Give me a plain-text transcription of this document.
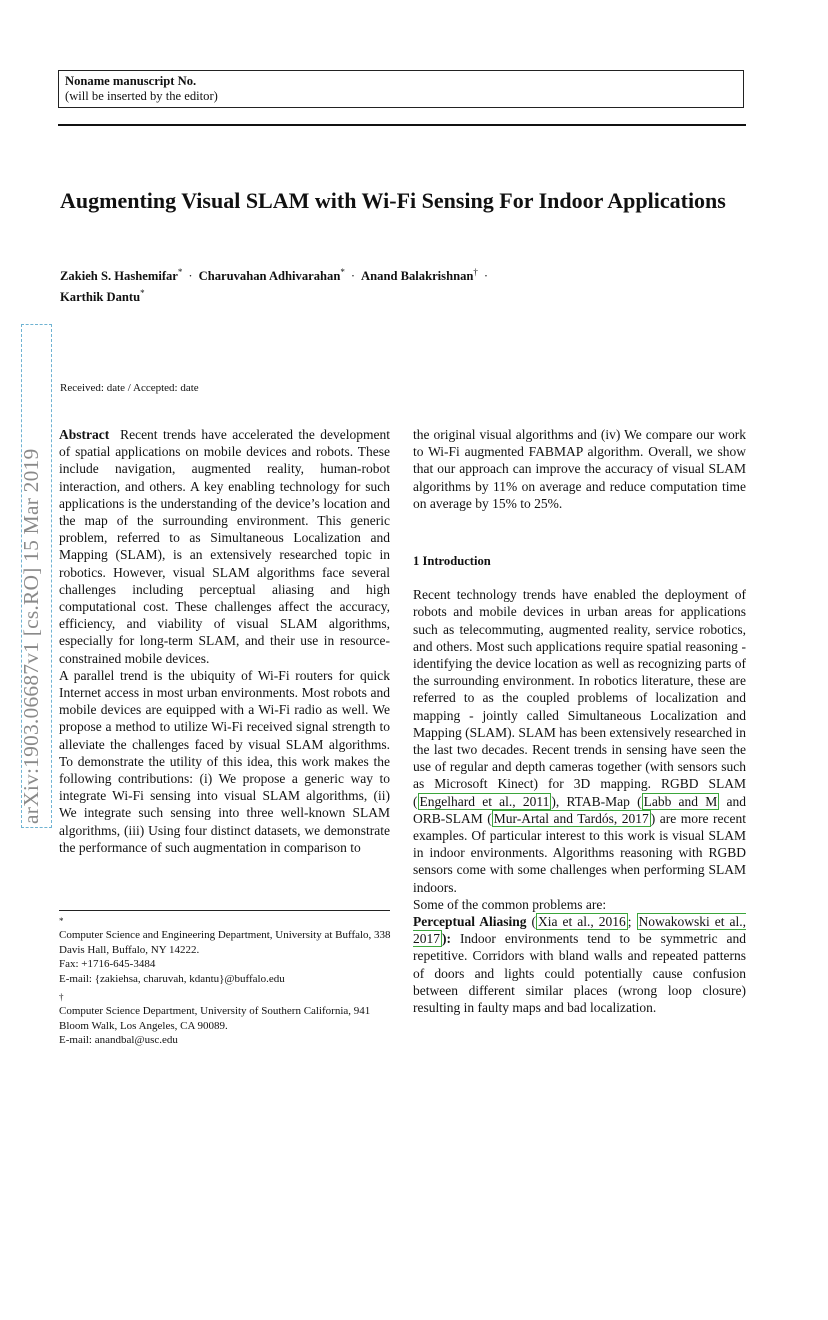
Noname manuscript No.
(will be inserted by the editor)
Augmenting Visual SLAM with Wi-Fi Sensing For Indoor Applications
Zakieh S. Hashemifar* · Charuvahan Adhivarahan* · Anand Balakrishnan† ·
Karthik Dantu*
arXiv:1903.06687v1 [cs.RO] 15 Mar 2019
Received: date / Accepted: date

Abstract Recent trends have accelerated the development of spatial applications on mobile devices and robots. These include navigation, augmented reality, human-robot interaction, and others. A key enabling technology for such applications is the understanding of the device’s location and the map of the surrounding environment. This generic problem, referred to as Simultaneous Localization and Mapping (SLAM), is an extensively researched topic in robotics. However, visual SLAM algorithms face several challenges including perceptual aliasing and high computational cost. These challenges affect the accuracy, efficiency, and viability of visual SLAM algorithms, especially for long-term SLAM, and their use in resource-constrained mobile devices.

A parallel trend is the ubiquity of Wi-Fi routers for quick Internet access in most urban environments. Most robots and mobile devices are equipped with a Wi-Fi radio as well. We propose a method to utilize Wi-Fi received signal strength to alleviate the challenges faced by visual SLAM algorithms. To demonstrate the utility of this idea, this work makes the following contributions: (i) We propose a generic way to integrate Wi-Fi sensing into visual SLAM algorithms, (ii) We integrate such sensing into three well-known SLAM algorithms, (iii) Using four distinct datasets, we demonstrate the performance of such augmentation in comparison to

*
Computer Science and Engineering Department, University at Buffalo, 338 Davis Hall, Buffalo, NY 14222.
Fax: +1716-645-3484
E-mail: {zakiehsa, charuvah, kdantu}@buffalo.edu
†
Computer Science Department, University of Southern California, 941 Bloom Walk, Los Angeles, CA 90089.
E-mail: anandbal@usc.edu

the original visual algorithms and (iv) We compare our work to Wi-Fi augmented FABMAP algorithm. Overall, we show that our approach can improve the accuracy of visual SLAM algorithms by 11% on average and reduce computation time on average by 15% to 25%.

1 Introduction

Recent technology trends have enabled the deployment of robots and mobile devices in urban areas for applications such as telecommuting, augmented reality, service robotics, and others. Most such applications require spatial reasoning - identifying the device location as well as recognizing parts of the surrounding environment. In robotics literature, these are referred to as the coupled problems of localization and mapping - jointly called Simultaneous Localization and Mapping (SLAM). SLAM has been extensively researched in the last two decades. Recent trends in sensing have seen the use of regular and depth cameras together (with sensors such as Microsoft Kinect) for 3D mapping. RGBD SLAM ( Engelhard et al., 2011 ), RTAB-Map ( Labb and M and ORB-SLAM ( Mur-Artal and Tardós, 2017 ) are more recent examples. Of particular interest to this work is visual SLAM in indoor environments. Algorithms reasoning with RGBD sensors come with some challenges when performing SLAM indoors.

Some of the common problems are:

Perceptual Aliasing ( Xia et al., 2016 ; Nowakowski et al., 2017 ): Indoor environments tend to be symmetric and repetitive. Corridors with bland walls and repeated patterns of doors and lights could potentially cause confusion between different similar places (wrong loop closure) resulting in faulty maps and bad localization.
